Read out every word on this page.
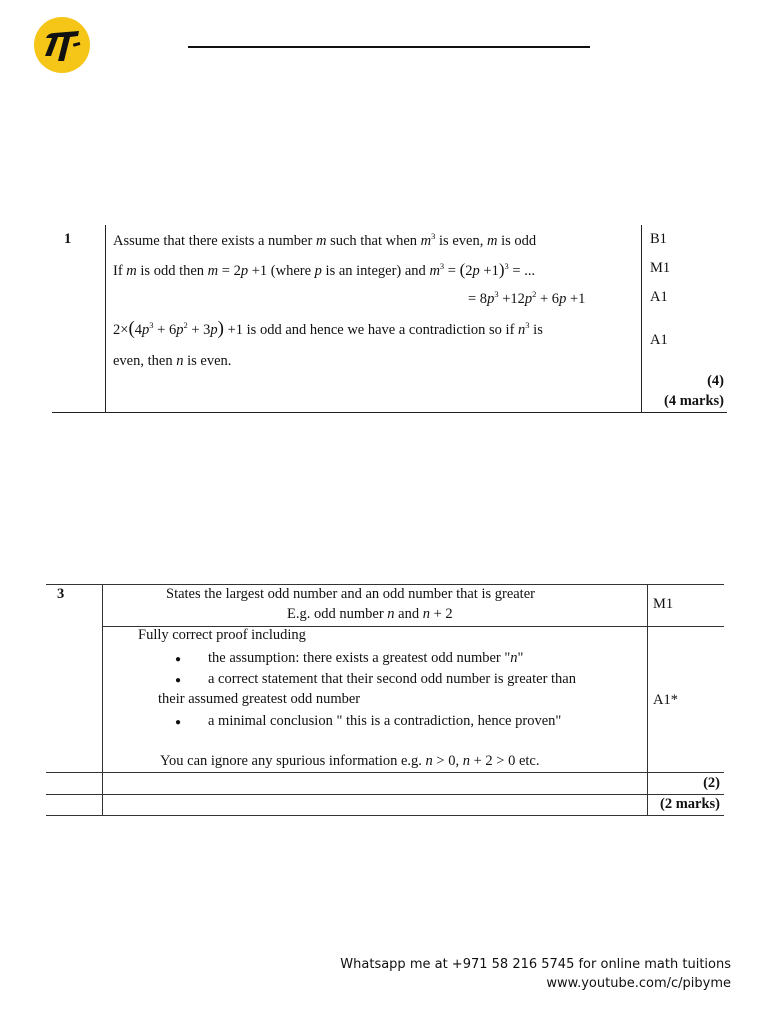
1	Assume that there exists a number m such that when $m^3$ is even, m is odd
If m is odd then m = 2p +1 (where p is an integer) and $m^3 = (2p +1)^3$ = ...
= $8p^3 +12p^2 + 6p +1$
$2\times(4p^3 + 6p^2 + 3p) +1$ is odd and hence we have a contradiction so if $n^3$ is
even, then n is even.
B1
M1
A1
A1
(4)
(4 marks)
3	States the largest odd number and an odd number that is greater
E.g. odd number n and n + 2
M1
Fully correct proof including
● the assumption: there exists a greatest odd number "n"
● a correct statement that their second odd number is greater than
their assumed greatest odd number
● a minimal conclusion " this is a contradiction, hence proven"
You can ignore any spurious information e.g. n > 0, n + 2 > 0 etc.
A1*
(2)
(2 marks)
Whatsapp me at +971 58 216 5745 for online math tuitions
www.youtube.com/c/pibyme
